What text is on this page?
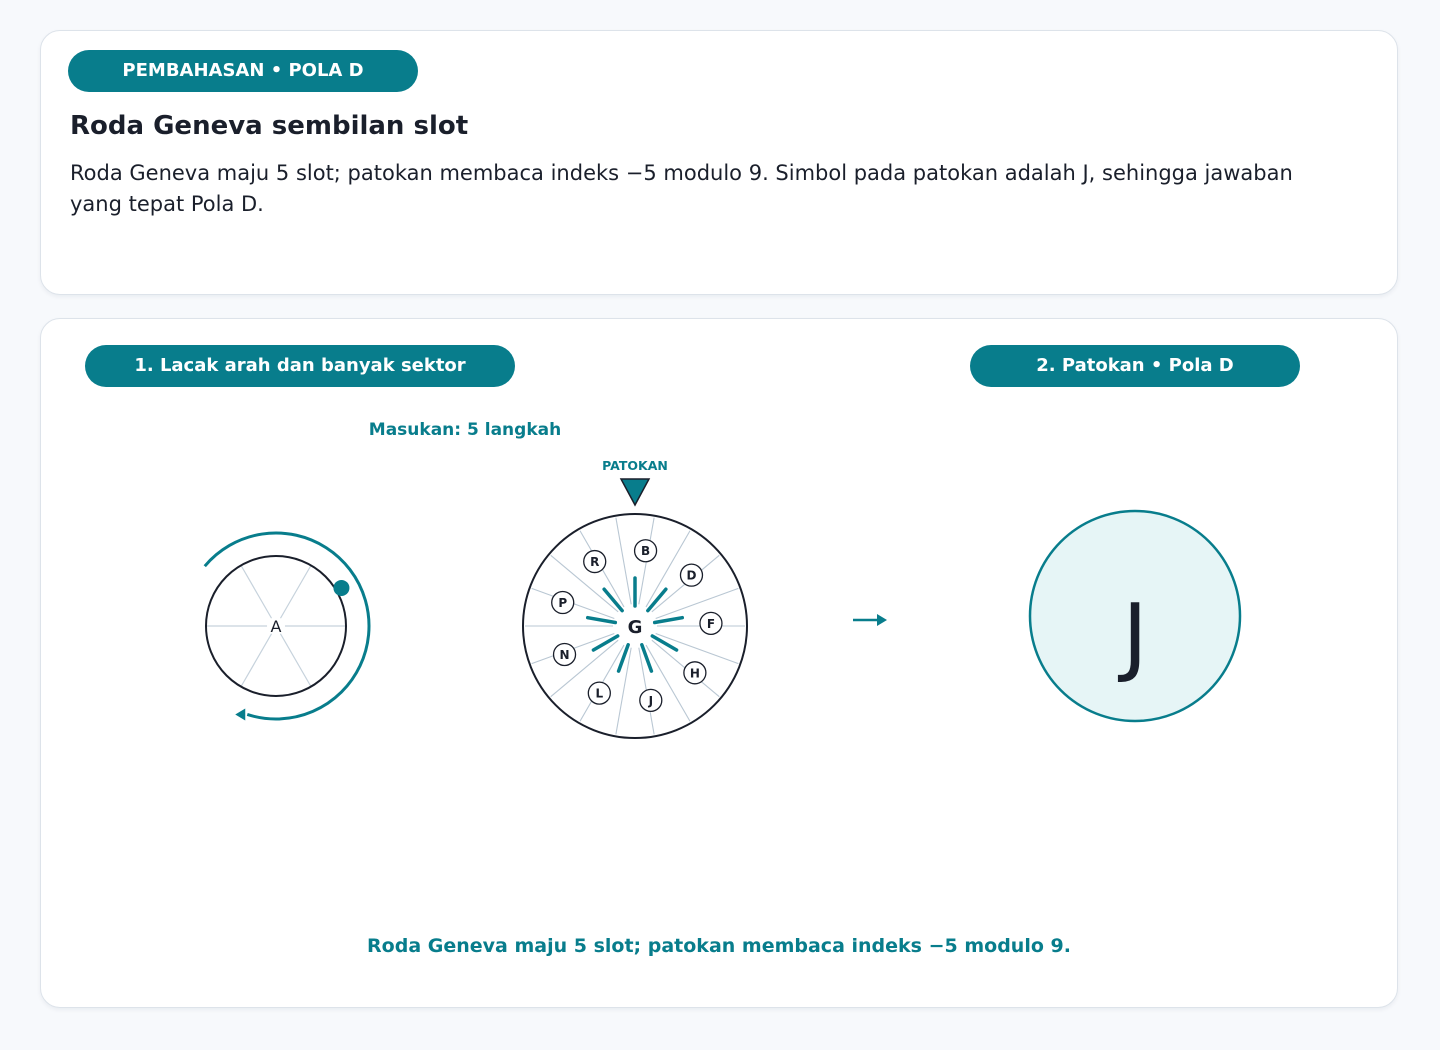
PEMBAHASAN • POLA D
Roda Geneva sembilan slot
Roda Geneva maju 5 slot; patokan membaca indeks −5 modulo 9. Simbol pada patokan adalah J, sehingga jawaban yang tepat Pola D.
1. Lacak arah dan banyak sektor	2. Patokan • Pola D
Masukan: 5 langkah
A
PATOKAN
G
B
D
F
H
J
L
N
P
R
J
Roda Geneva maju 5 slot; patokan membaca indeks −5 modulo 9.
